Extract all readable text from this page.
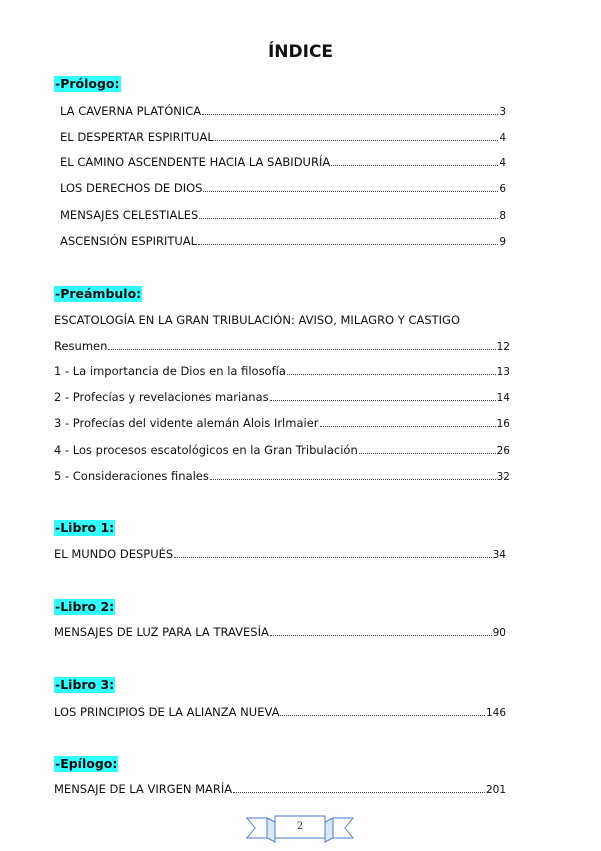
ÍNDICE
-Prólogo:
LA CAVERNA PLATÓNICA	3
EL DESPERTAR ESPIRITUAL	4
EL CAMINO ASCENDENTE HACIA LA SABIDURÍA	4
LOS DERECHOS DE DIOS	6
MENSAJES CELESTIALES	8
ASCENSIÓN ESPIRITUAL	9
-Preámbulo:
ESCATOLOGÍA EN LA GRAN TRIBULACIÓN: AVISO, MILAGRO Y CASTIGO
Resumen	12
1 - La importancia de Dios en la filosofía	13
2 - Profecías y revelaciones marianas	14
3 - Profecías del vidente alemán Alois Irlmaier	16
4 - Los procesos escatológicos en la Gran Tribulación	26
5 - Consideraciones finales	32
-Libro 1:
EL MUNDO DESPUÉS	34
-Libro 2:
MENSAJES DE LUZ PARA LA TRAVESÍA	90
-Libro 3:
LOS PRINCIPIOS DE LA ALIANZA NUEVA	146
-Epílogo:
MENSAJE DE LA VIRGEN MARÍA	201
2
